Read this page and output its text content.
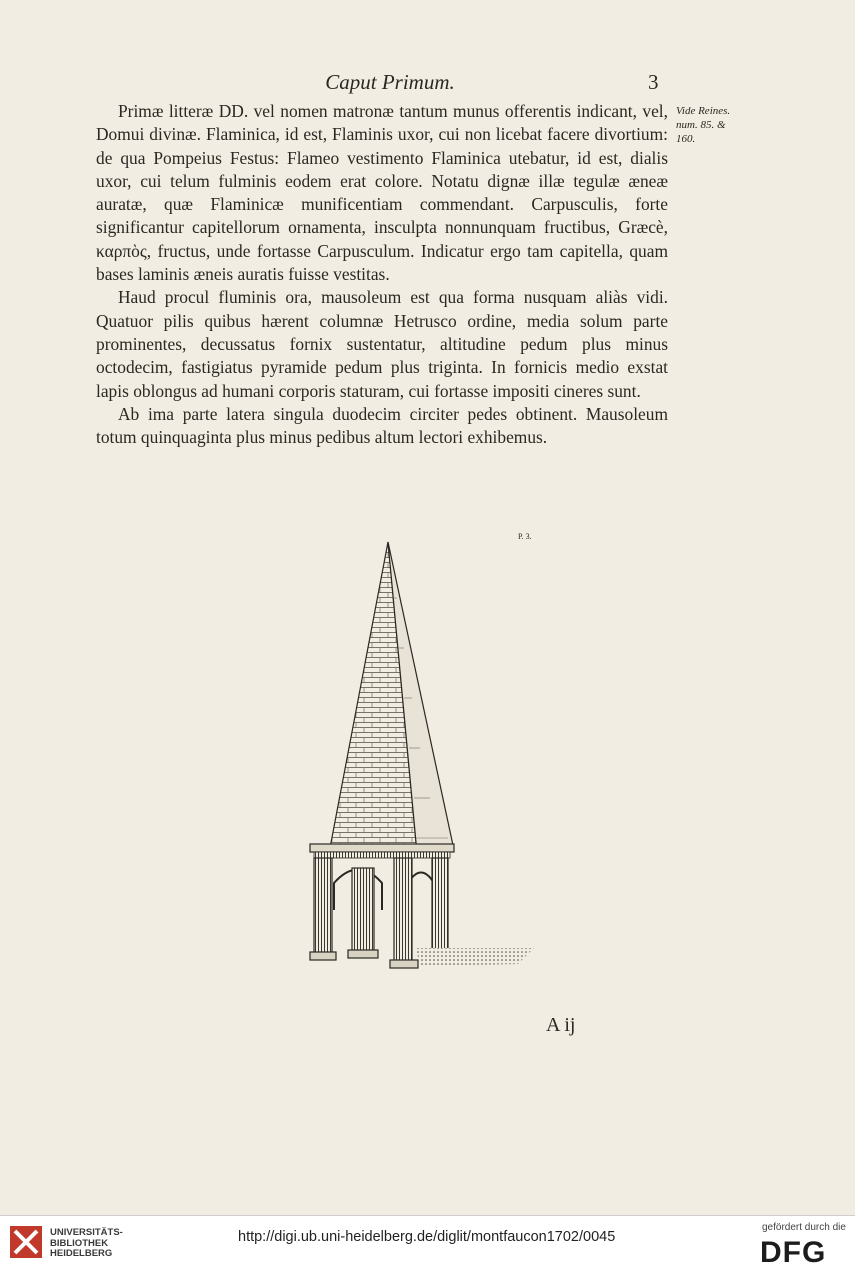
Caput Primum.	3
Vide Reines.
num. 85. &
160.

Primæ litteræ DD. vel nomen matronæ tantum munus offerentis indicant, vel, Domui divinæ. Flaminica, id est, Flaminis uxor, cui non licebat facere divortium: de qua Pompeius Festus: Flameo vestimento Flaminica utebatur, id est, dialis uxor, cui telum fulminis eodem erat colore. Notatu dignæ illæ tegulæ æneæ auratæ, quæ Flaminicæ munificentiam commendant. Carpusculis, forte significantur capitellorum ornamenta, insculpta nonnunquam fructibus, Græcè, καρπὸς, fructus, unde fortasse Carpusculum. Indicatur ergo tam capitella, quam bases laminis æneis auratis fuisse vestitas.

Haud procul fluminis ora, mausoleum est qua forma nusquam aliàs vidi. Quatuor pilis quibus hærent columnæ Hetrusco ordine, media solum parte prominentes, decussatus fornix sustentatur, altitudine pedum plus minus octodecim, fastigiatus pyramide pedum plus triginta. In fornicis medio exstat lapis oblongus ad humani corporis staturam, cui fortasse impositi cineres sunt.

Ab ima parte latera singula duodecim circiter pedes obtinent. Mausoleum totum quinquaginta plus minus pedibus altum lectori exhibemus.

P. 3.
A ij
UNIVERSITÄTS-
BIBLIOTHEK
HEIDELBERG
http://digi.ub.uni-heidelberg.de/diglit/montfaucon1702/0045
gefördert durch die
DFG
